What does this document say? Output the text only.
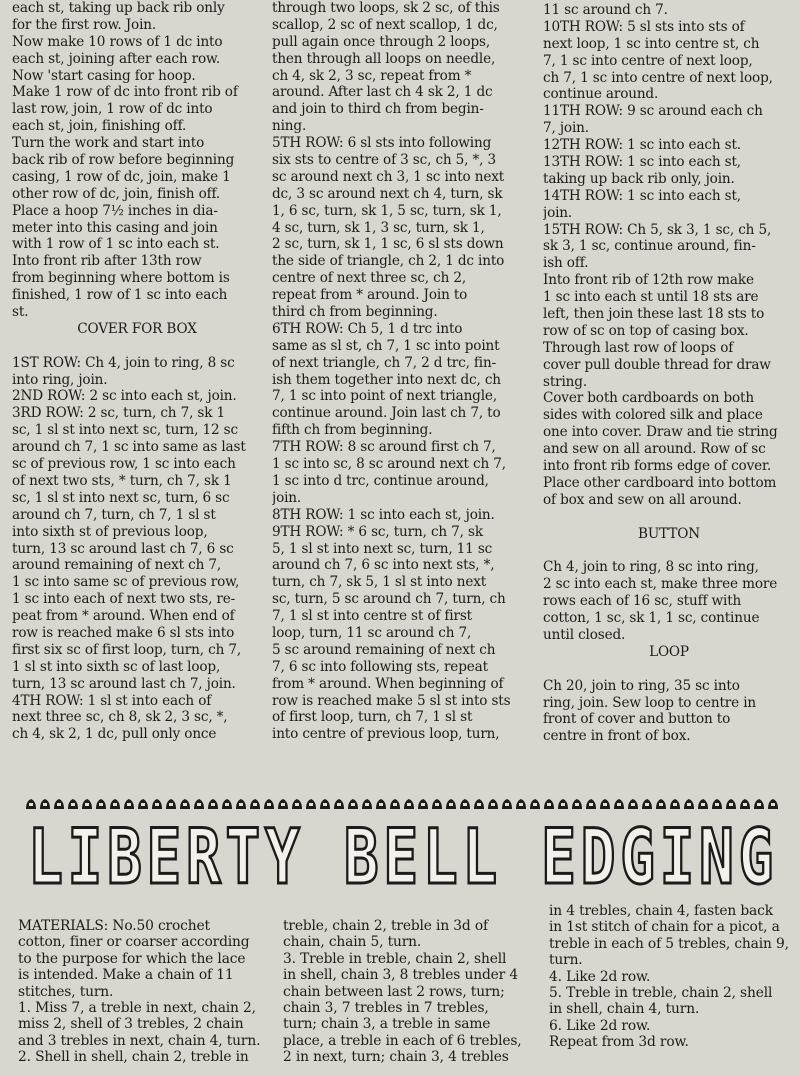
each st, taking up back rib only
for the first row. Join.
Now make 10 rows of 1 dc into
each st, joining after each row.
Now 'start casing for hoop.
Make 1 row of dc into front rib of
last row, join, 1 row of dc into
each st, join, finishing off.
Turn the work and start into
back rib of row before beginning
casing, 1 row of dc, join, make 1
other row of dc, join, finish off.
Place a hoop 7½ inches in dia-
meter into this casing and join
with 1 row of 1 sc into each st.
Into front rib after 13th row
from beginning where bottom is
finished, 1 row of 1 sc into each
st.
COVER FOR BOX
1ST ROW: Ch 4, join to ring, 8 sc
into ring, join.
2ND ROW: 2 sc into each st, join.
3RD ROW: 2 sc, turn, ch 7, sk 1
sc, 1 sl st into next sc, turn, 12 sc
around ch 7, 1 sc into same as last
sc of previous row, 1 sc into each
of next two sts, * turn, ch 7, sk 1
sc, 1 sl st into next sc, turn, 6 sc
around ch 7, turn, ch 7, 1 sl st
into sixth st of previous loop,
turn, 13 sc around last ch 7, 6 sc
around remaining of next ch 7,
1 sc into same sc of previous row,
1 sc into each of next two sts, re-
peat from * around. When end of
row is reached make 6 sl sts into
first six sc of first loop, turn, ch 7,
1 sl st into sixth sc of last loop,
turn, 13 sc around last ch 7, join.
4TH ROW: 1 sl st into each of
next three sc, ch 8, sk 2, 3 sc, *,
ch 4, sk 2, 1 dc, pull only once
through two loops, sk 2 sc, of this
scallop, 2 sc of next scallop, 1 dc,
pull again once through 2 loops,
then through all loops on needle,
ch 4, sk 2, 3 sc, repeat from *
around. After last ch 4 sk 2, 1 dc
and join to third ch from begin-
ning.
5TH ROW: 6 sl sts into following
six sts to centre of 3 sc, ch 5, *, 3
sc around next ch 3, 1 sc into next
dc, 3 sc around next ch 4, turn, sk
1, 6 sc, turn, sk 1, 5 sc, turn, sk 1,
4 sc, turn, sk 1, 3 sc, turn, sk 1,
2 sc, turn, sk 1, 1 sc, 6 sl sts down
the side of triangle, ch 2, 1 dc into
centre of next three sc, ch 2,
repeat from * around. Join to
third ch from beginning.
6TH ROW: Ch 5, 1 d trc into
same as sl st, ch 7, 1 sc into point
of next triangle, ch 7, 2 d trc, fin-
ish them together into next dc, ch
7, 1 sc into point of next triangle,
continue around. Join last ch 7, to
fifth ch from beginning.
7TH ROW: 8 sc around first ch 7,
1 sc into sc, 8 sc around next ch 7,
1 sc into d trc, continue around,
join.
8TH ROW: 1 sc into each st, join.
9TH ROW: * 6 sc, turn, ch 7, sk
5, 1 sl st into next sc, turn, 11 sc
around ch 7, 6 sc into next sts, *,
turn, ch 7, sk 5, 1 sl st into next
sc, turn, 5 sc around ch 7, turn, ch
7, 1 sl st into centre st of first
loop, turn, 11 sc around ch 7,
5 sc around remaining of next ch
7, 6 sc into following sts, repeat
from * around. When beginning of
row is reached make 5 sl st into sts
of first loop, turn, ch 7, 1 sl st
into centre of previous loop, turn,
11 sc around ch 7.
10TH ROW: 5 sl sts into sts of
next loop, 1 sc into centre st, ch
7, 1 sc into centre of next loop,
ch 7, 1 sc into centre of next loop,
continue around.
11TH ROW: 9 sc around each ch
7, join.
12TH ROW: 1 sc into each st.
13TH ROW: 1 sc into each st,
taking up back rib only, join.
14TH ROW: 1 sc into each st,
join.
15TH ROW: Ch 5, sk 3, 1 sc, ch 5,
sk 3, 1 sc, continue around, fin-
ish off.
Into front rib of 12th row make
1 sc into each st until 18 sts are
left, then join these last 18 sts to
row of sc on top of casing box.
Through last row of loops of
cover pull double thread for draw
string.
Cover both cardboards on both
sides with colored silk and place
one into cover. Draw and tie string
and sew on all around. Row of sc
into front rib forms edge of cover.
Place other cardboard into bottom
of box and sew on all around.
BUTTON
Ch 4, join to ring, 8 sc into ring,
2 sc into each st, make three more
rows each of 16 sc, stuff with
cotton, 1 sc, sk 1, 1 sc, continue
until closed.
LOOP
Ch 20, join to ring, 35 sc into
ring, join. Sew loop to centre in
front of cover and button to
centre in front of box.
LIBERTY BELL EDGING
MATERIALS: No.50 crochet
cotton, finer or coarser according
to the purpose for which the lace
is intended. Make a chain of 11
stitches, turn.
1. Miss 7, a treble in next, chain 2,
miss 2, shell of 3 trebles, 2 chain
and 3 trebles in next, chain 4, turn.
2. Shell in shell, chain 2, treble in
treble, chain 2, treble in 3d of
chain, chain 5, turn.
3. Treble in treble, chain 2, shell
in shell, chain 3, 8 trebles under 4
chain between last 2 rows, turn;
chain 3, 7 trebles in 7 trebles,
turn; chain 3, a treble in same
place, a treble in each of 6 trebles,
2 in next, turn; chain 3, 4 trebles
in 4 trebles, chain 4, fasten back
in 1st stitch of chain for a picot, a
treble in each of 5 trebles, chain 9,
turn.
4. Like 2d row.
5. Treble in treble, chain 2, shell
in shell, chain 4, turn.
6. Like 2d row.
Repeat from 3d row.
